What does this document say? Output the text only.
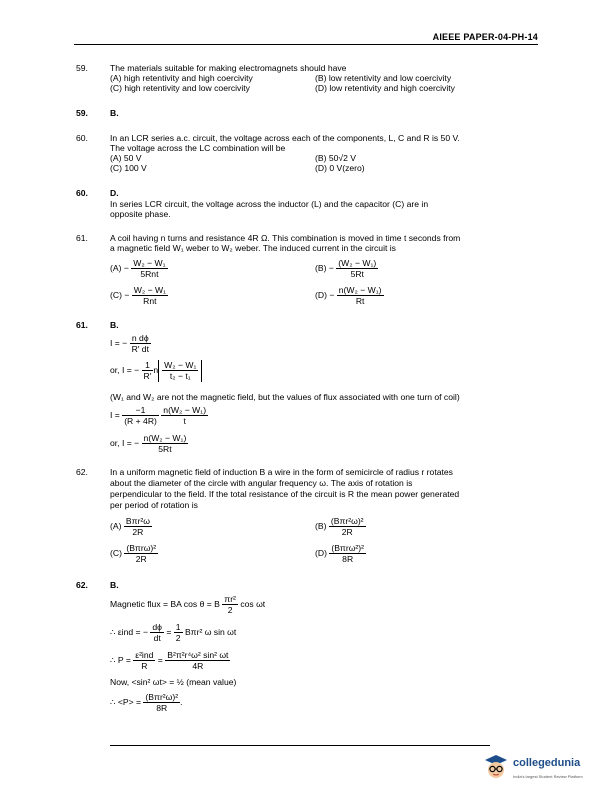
AIEEE PAPER-04-PH-14
59.	The materials suitable for making electromagnets should have
(A) high retentivity and high coercivity	(B) low retentivity and low coercivity
(C) high retentivity and low coercivity	(D) low retentivity and high coercivity
59.	B.
60.	In an LCR series a.c. circuit, the voltage across each of the components, L, C and R is 50 V.
The voltage across the LC combination will be
(A) 50 V	(B) 50√2 V
(C) 100 V	(D) 0 V(zero)
60.	D.
In series LCR circuit, the voltage across the inductor (L) and the capacitor (C) are in
opposite phase.
61.	A coil having n turns and resistance 4R Ω. This combination is moved in time t seconds from
a magnetic field W₁ weber to W₂ weber. The induced current in the circuit is
$(A) - \frac{\text{W₂ − W₁}}{\text{5Rnt}}$	$(B) - \frac{\text{(W₂ − W₁)}}{5Rt}$
$(C) - \frac{\text{W₂ − W₁}}{\text{Rnt}}$	$(D) - \frac{\text{n(W₂ − W₁)}}{Rt}$
61.	B.
I = − $\frac{\text{n dϕ}}{R' dt}$
or, I = − $\frac{1}{R'}$ n $\frac{\text{W₂ − W₁}}{\text{t₂ − t₁}}$
(W₁ and W₂ are not the magnetic field, but the values of flux associated with one turn of coil)
$I = \frac{-1}{(R + 4R)}$
$\frac{\text{n(W₂ − W₁)}}{t}$
or, I = − $\frac{\text{n(W₂ − W₁)}}{5Rt}$
62.	In a uniform magnetic field of induction B a wire in the form of semicircle of radius r rotates
about the diameter of the circle with angular frequency ω. The axis of rotation is
perpendicular to the field. If the total resistance of the circuit is R the mean power generated
per period of rotation is
$(A) \frac{\text{Bπr²ω}}{2R}$	$(B) \frac{\text{(Bπr²ω)²}}{2R}$
$(C) \frac{\text{(Bπrω)²}}{2R}$	$(D) \frac{\text{(Bπrω²)²}}{8R}$
62.	B.
Magnetic flux = BA cos θ = B $\frac{\text{πr²}}{2}$ cos ωt
∴ εind = − $\frac{d\phi}{dt} = \frac{1}{2} B\pi r^2$ ω sin ωt
∴ $P = \frac{\text{ε²ind}}{R} = \frac{\text{B²π²r⁴ω² sin² ωt}}{4R}$
Now, <sin² ωt> = ½ (mean value)
∴ $<P> = \frac{\text{(Bπr²ω)²}}{8R}$ .
collegedunia
India's largest Student Review Platform
